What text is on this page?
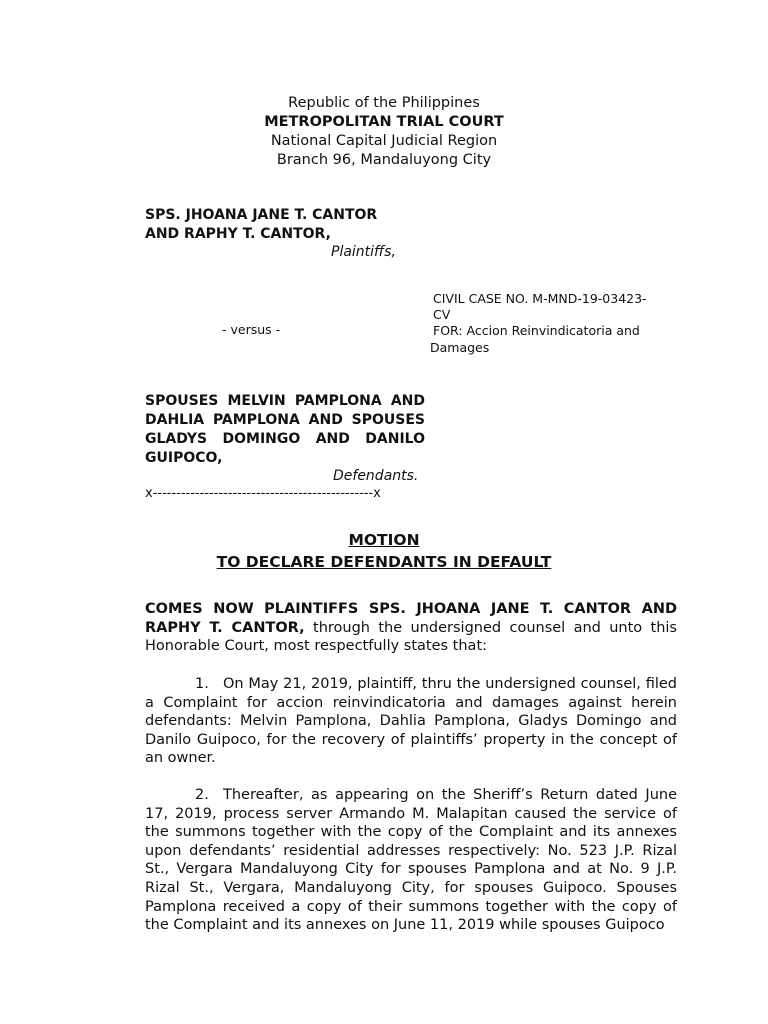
Republic of the Philippines
METROPOLITAN TRIAL COURT
National Capital Judicial Region
Branch 96, Mandaluyong City
SPS. JHOANA JANE T. CANTOR
AND RAPHY T. CANTOR,
Plaintiffs,
CIVIL CASE NO. M-MND-19-03423-
CV
- versus -	FOR: Accion Reinvindicatoria and
Damages
SPOUSES MELVIN PAMPLONA AND
DAHLIA PAMPLONA AND SPOUSES
GLADYS DOMINGO AND DANILO
GUIPOCO,
Defendants.
x-----------------------------------------------x
MOTION
TO DECLARE DEFENDANTS IN DEFAULT
COMES NOW PLAINTIFFS SPS. JHOANA JANE T. CANTOR AND RAPHY T. CANTOR, through the undersigned counsel and unto this Honorable Court, most respectfully states that:
1. On May 21, 2019, plaintiff, thru the undersigned counsel, filed a Complaint for accion reinvindicatoria and damages against herein defendants: Melvin Pamplona, Dahlia Pamplona, Gladys Domingo and Danilo Guipoco, for the recovery of plaintiffs’ property in the concept of an owner.
2. Thereafter, as appearing on the Sheriff’s Return dated June 17, 2019, process server Armando M. Malapitan caused the service of the summons together with the copy of the Complaint and its annexes upon defendants’ residential addresses respectively: No. 523 J.P. Rizal St., Vergara Mandaluyong City for spouses Pamplona and at No. 9 J.P. Rizal St., Vergara, Mandaluyong City, for spouses Guipoco. Spouses Pamplona received a copy of their summons together with the copy of the Complaint and its annexes on June 11, 2019 while spouses Guipoco
